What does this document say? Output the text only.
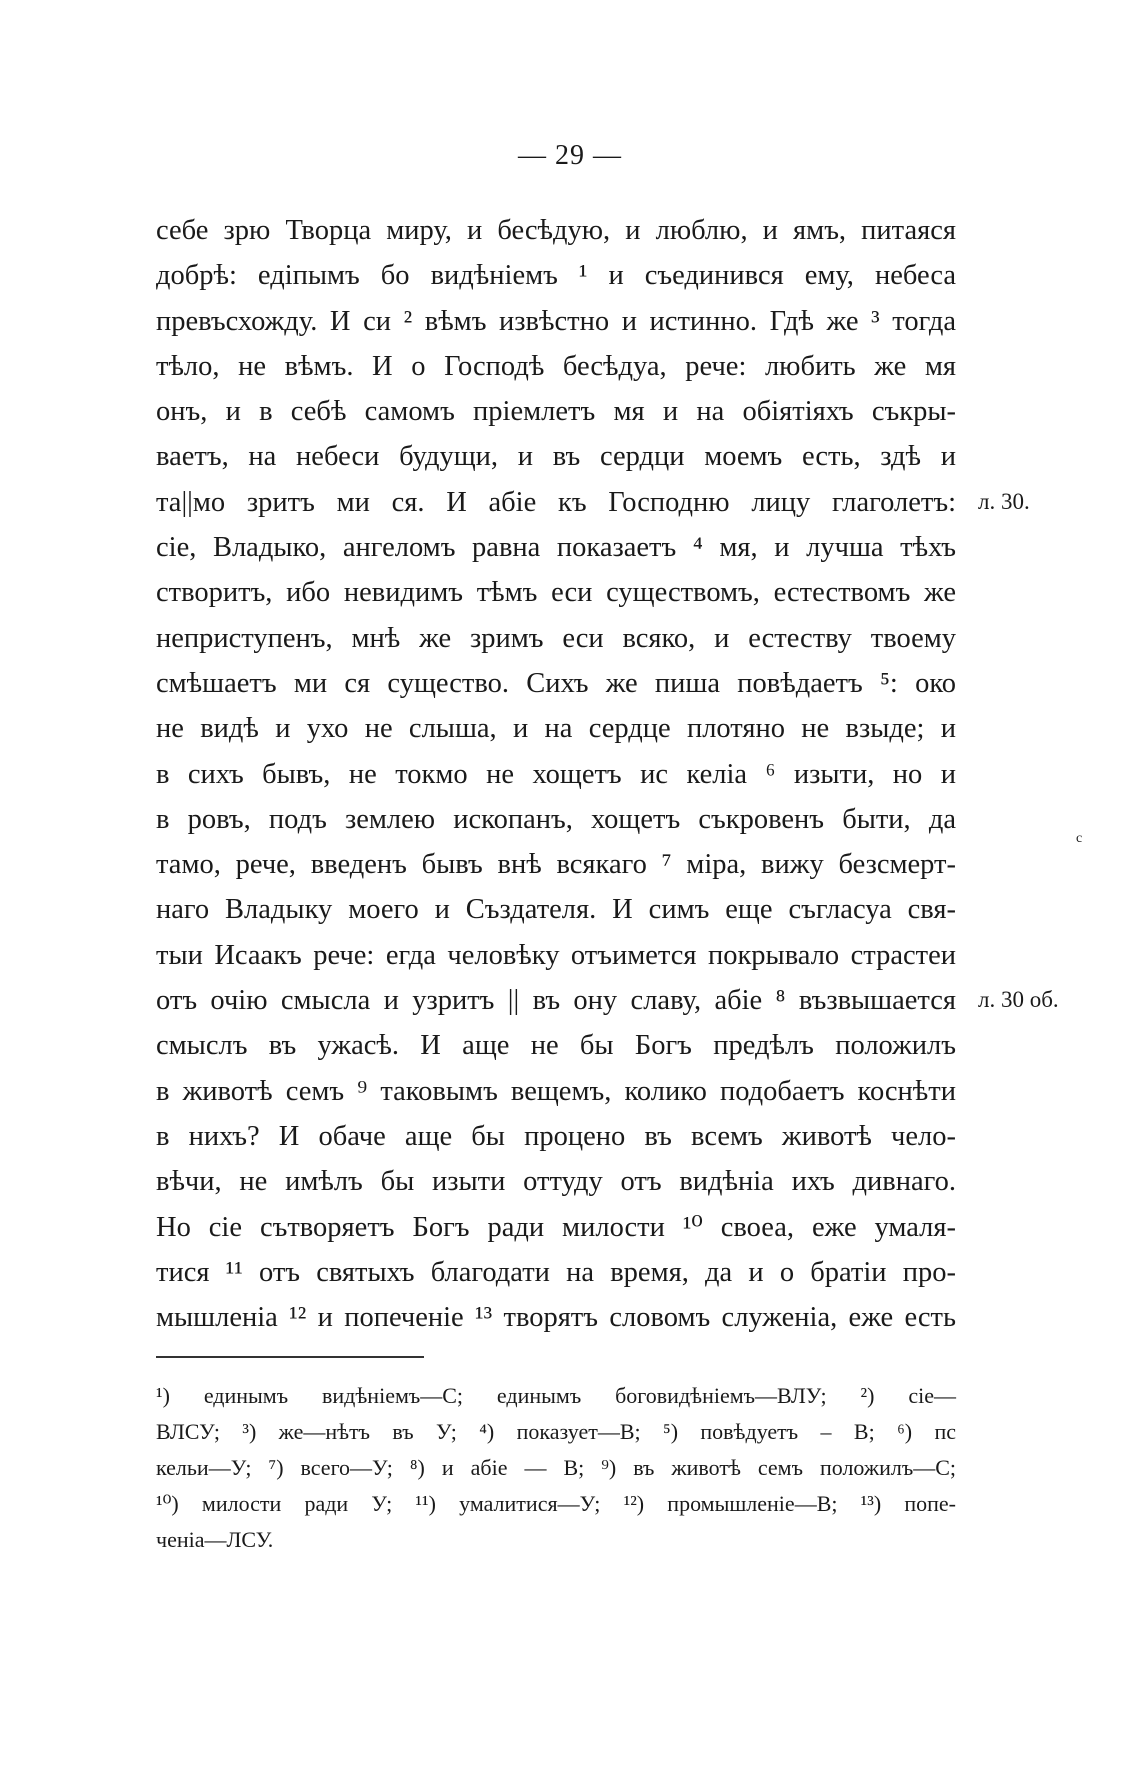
— 29 —
себе зрю Творца миру, и бесѣдую, и люблю, и ямъ, питаяся
добрѣ: едіпымъ бо видѣніемъ ¹ и съединився ему, небеса
превъсхожду. И си ² вѣмъ извѣстно и истинно. Гдѣ же ³ тогда
тѣло, не вѣмъ. И о Господѣ бесѣдуа, рече: любить же мя
онъ, и в себѣ самомъ пріемлетъ мя и на обіятіяхъ съкры-
ваетъ, на небеси будущи, и въ сердци моемъ есть, здѣ и
та||мо зритъ ми ся. И абіе къ Господню лицу глаголетъ:
сіе, Владыко, ангеломъ равна показаетъ ⁴ мя, и лучша тѣхъ
створитъ, ибо невидимъ тѣмъ еси существомъ, естествомъ же
неприступенъ, мнѣ же зримъ еси всяко, и естеству твоему
смѣшаетъ ми ся существо. Сихъ же пиша повѣдаетъ ⁵: око
не видѣ и ухо не слыша, и на сердце плотяно не взыде; и
в сихъ бывъ, не токмо не хощетъ ис келіа ⁶ изыти, но и
в ровъ, подъ землею ископанъ, хощетъ съкровенъ быти, да
тамо, рече, введенъ бывъ внѣ всякаго ⁷ міра, вижу безсмерт-
наго Владыку моего и Създателя. И симъ еще съгласуа свя-
тыи Исаакъ рече: егда человѣку отъимется покрывало страстеи
отъ очію смысла и узритъ || въ ону славу, абіе ⁸ възвышается
смыслъ въ ужасѣ. И аще не бы Богъ предѣлъ положилъ
в животѣ семъ ⁹ таковымъ вещемъ, колико подобаетъ коснѣти
в нихъ? И обаче аще бы проценo въ всемъ животѣ чело-
вѣчи, не имѣлъ бы изыти оттуду отъ видѣніа ихъ дивнаго.
Но сіе сътворяетъ Богъ ради милости ¹⁰ своеа, еже умаля-
тися ¹¹ отъ святыхъ благодати на время, да и о братіи про-
мышленіа ¹² и попеченіе ¹³ творятъ словомъ служеніа, еже есть
л. 30.
л. 30 об.
с
¹) единымъ видѣніемъ—С; единымъ боговидѣніемъ—ВЛУ; ²) сіе—
ВЛСУ; ³) же—нѣтъ въ У; ⁴) показует—В; ⁵) повѣдуетъ – В; ⁶) пс
кельи—У; ⁷) всего—У; ⁸) и абіе — В; ⁹) въ животѣ семъ положилъ—С;
¹⁰) милости ради У; ¹¹) умалитися—У; ¹²) промышленіе—В; ¹³) попе-
ченіа—ЛСУ.
